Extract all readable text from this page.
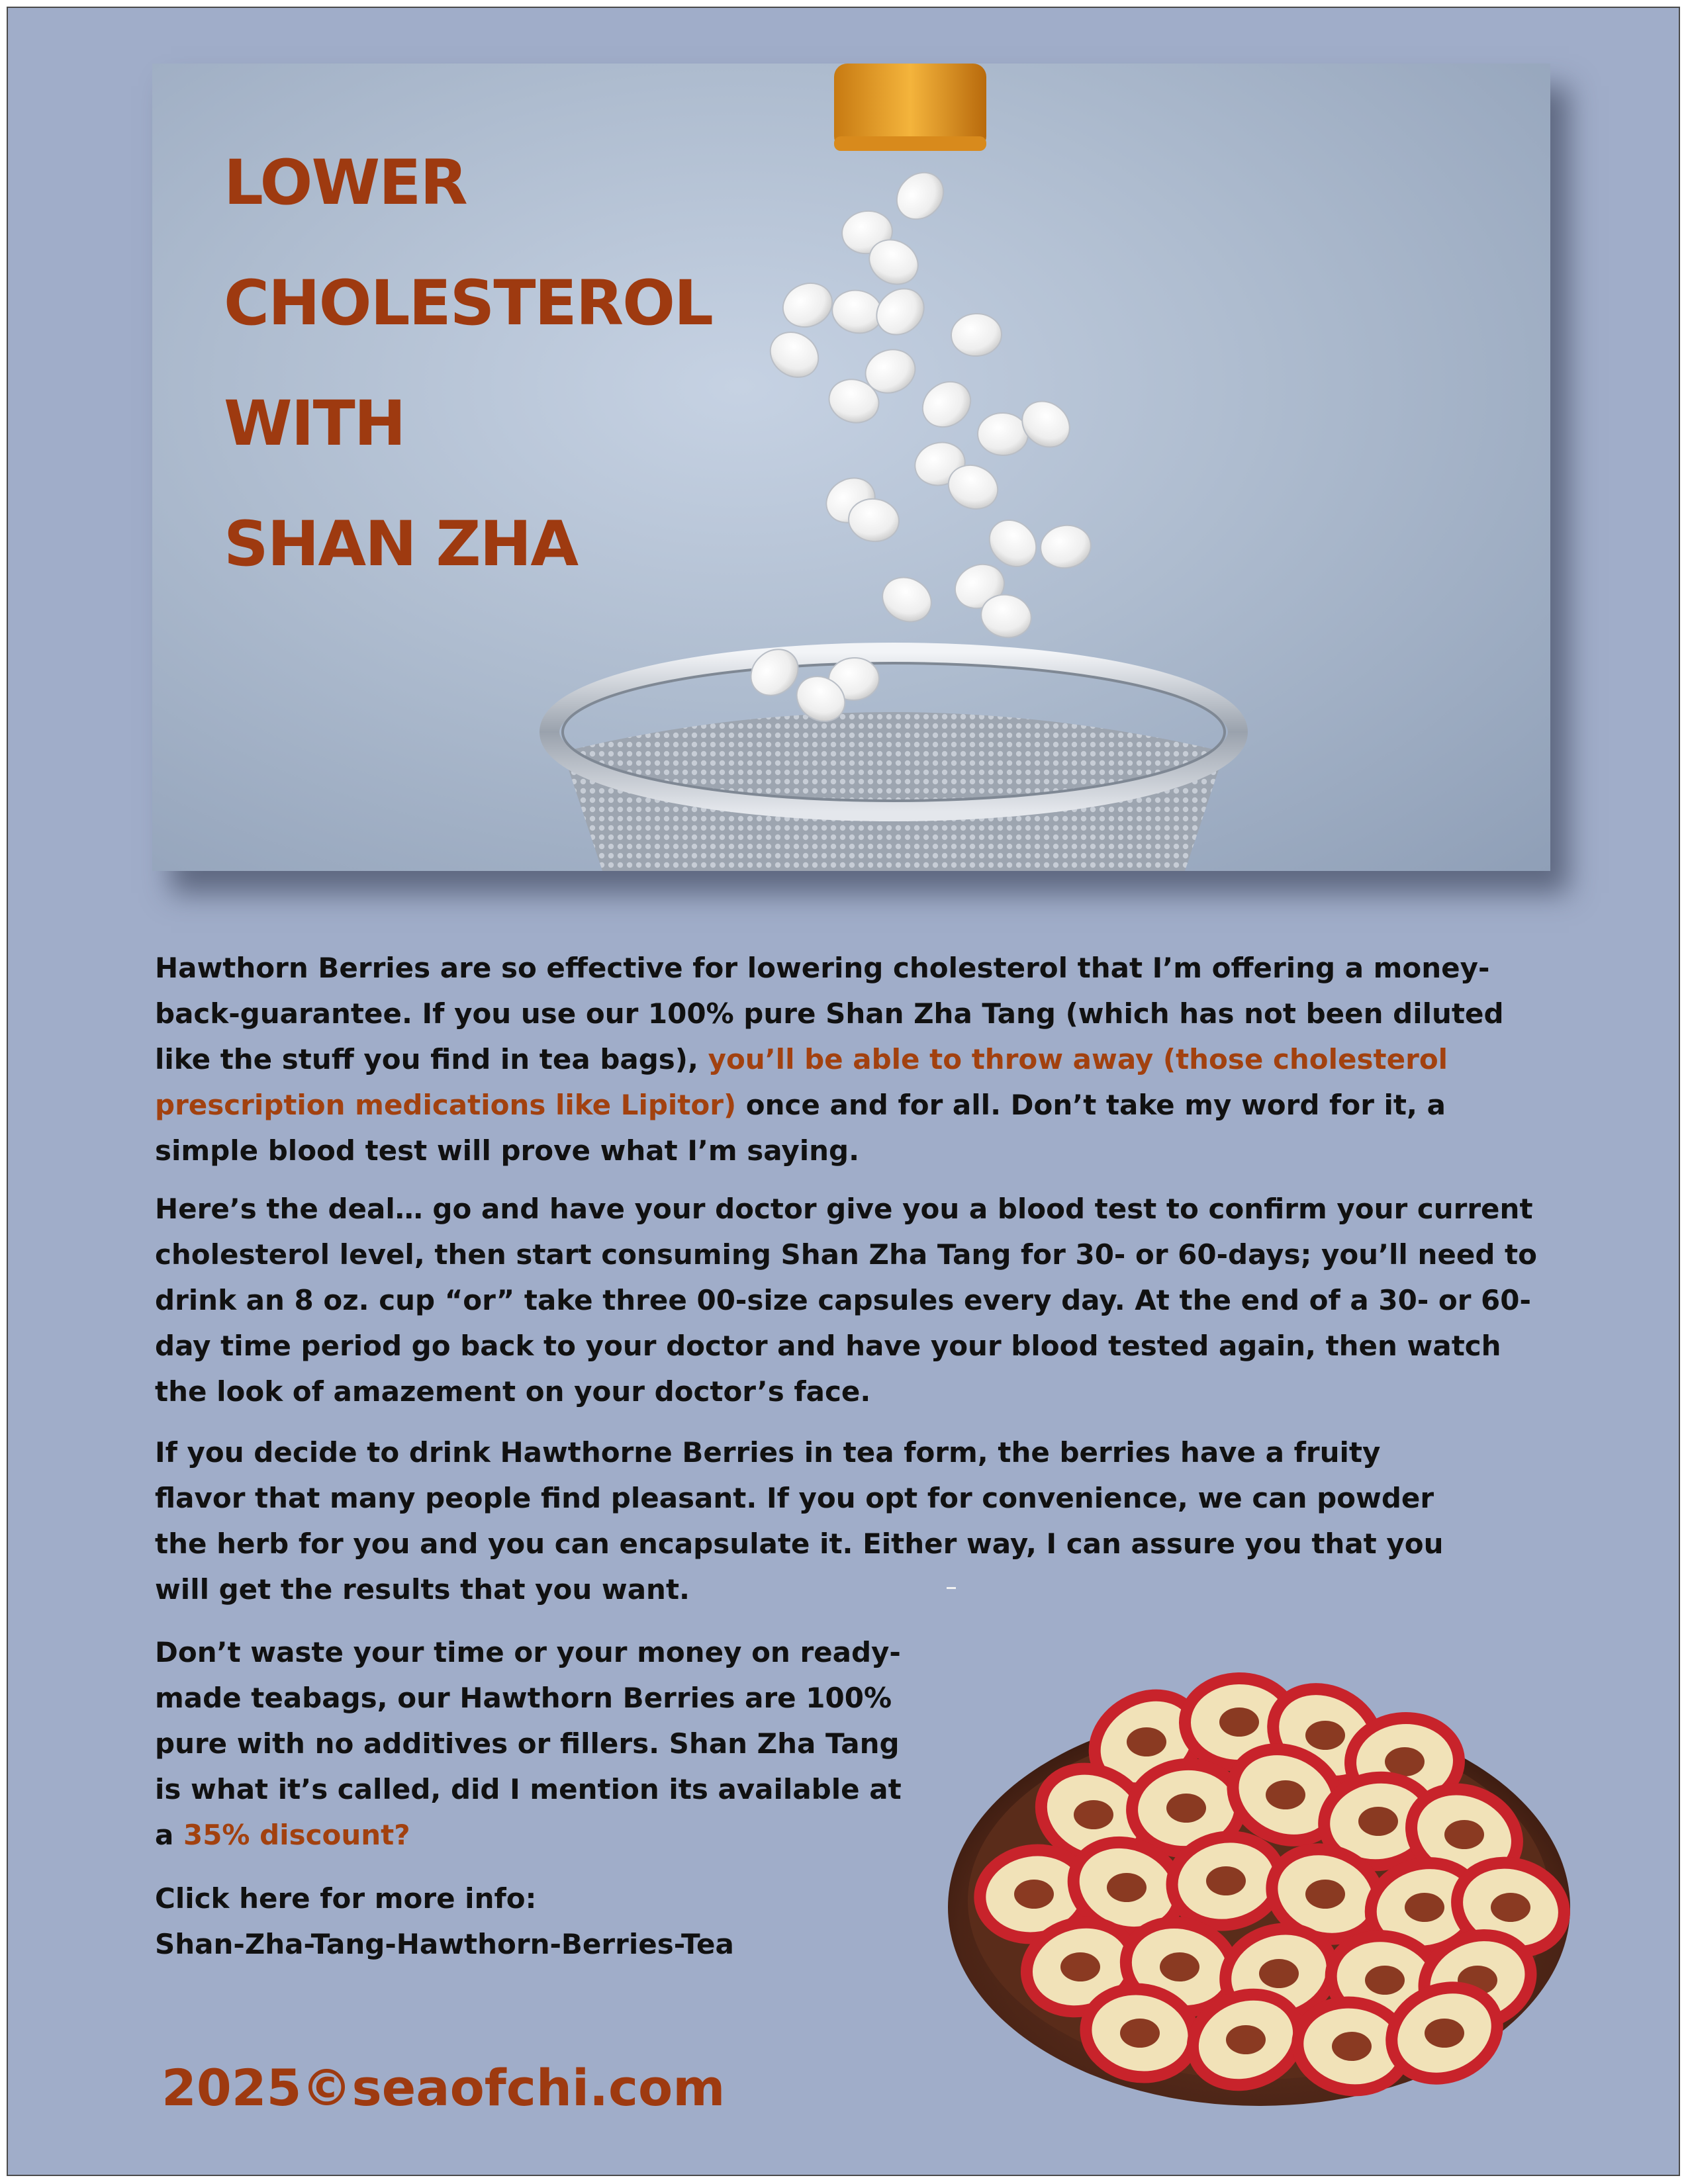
LOWER
CHOLESTEROL
WITH
SHAN ZHA

Hawthorn Berries are so effective for lowering cholesterol that I’m offering a money-back-guarantee. If you use our 100% pure Shan Zha Tang (which has not been diluted like the stuff you find in tea bags), you’ll be able to throw away (those cholesterol prescription medications like Lipitor) once and for all. Don’t take my word for it, a simple blood test will prove what I’m saying.

Here’s the deal… go and have your doctor give you a blood test to confirm your current cholesterol level, then start consuming Shan Zha Tang for 30- or 60-days; you’ll need to drink an 8 oz. cup “or” take three 00-size capsules every day. At the end of a 30- or 60-day time period go back to your doctor and have your blood tested again, then watch the look of amazement on your doctor’s face.

If you decide to drink Hawthorne Berries in tea form, the berries have a fruity flavor that many people find pleasant. If you opt for convenience, we can powder the herb for you and you can encapsulate it. Either way, I can assure you that you will get the results that you want.

Don’t waste your time or your money on ready-made teabags, our Hawthorn Berries are 100% pure with no additives or fillers. Shan Zha Tang is what it’s called, did I mention its available at a 35% discount?

Click here for more info:
Shan-Zha-Tang-Hawthorn-Berries-Tea

2025©seaofchi.com
